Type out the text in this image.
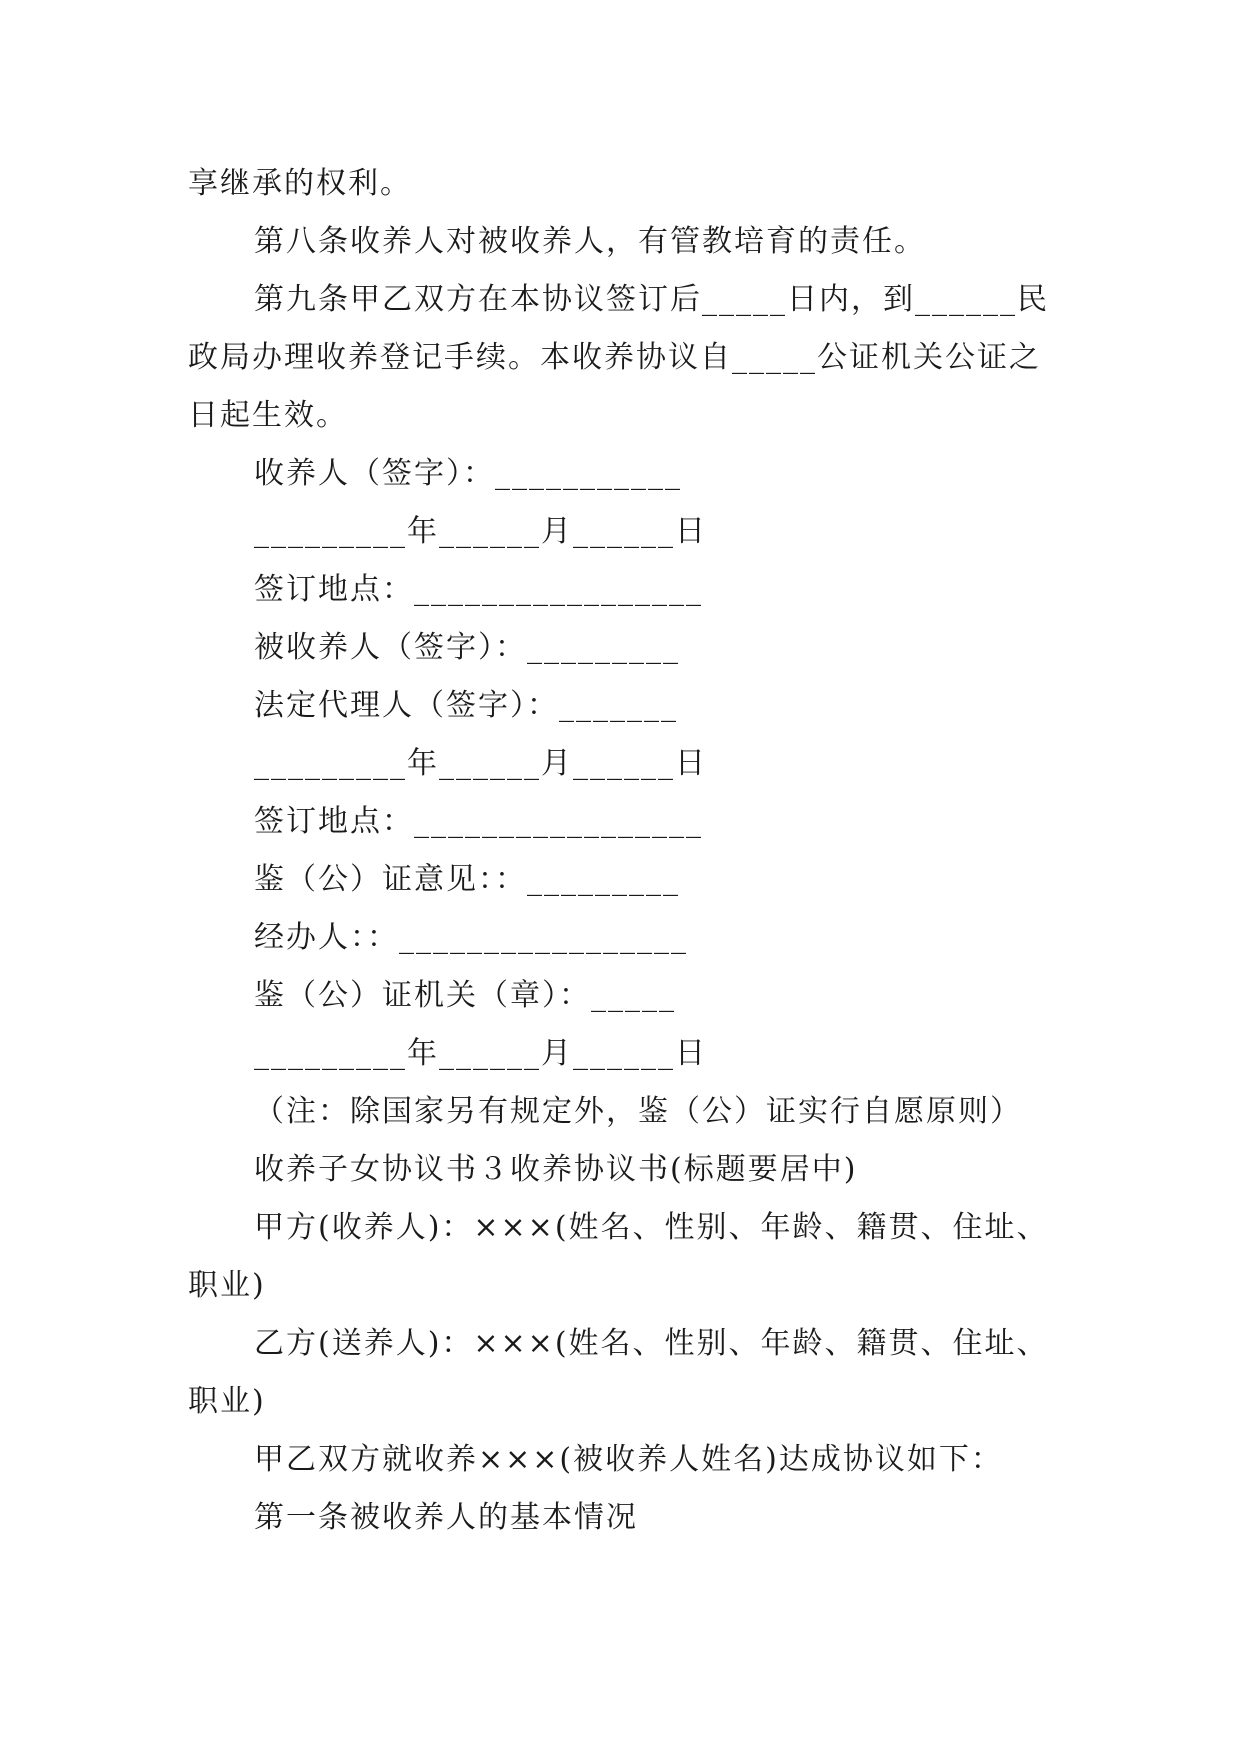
享继承的权利。

第八条收养人对被收养人，有管教培育的责任。

第九条甲乙双方在本协议签订后_____日内，到______民政局办理收养登记手续。本收养协议自_____公证机关公证之日起生效。

收养人（签字）：___________

_________年______月______日

签订地点：_________________

被收养人（签字）：_________

法定代理人（签字）：_______

_________年______月______日

签订地点：_________________

鉴（公）证意见：：_________

经办人：：_________________

鉴（公）证机关（章）：_____

_________年______月______日

（注：除国家另有规定外，鉴（公）证实行自愿原则）

收养子女协议书３收养协议书(标题要居中)

甲方(收养人)：×××(姓名、性别、年龄、籍贯、住址、职业)

乙方(送养人)：×××(姓名、性别、年龄、籍贯、住址、职业)

甲乙双方就收养×××(被收养人姓名)达成协议如下：

第一条被收养人的基本情况
